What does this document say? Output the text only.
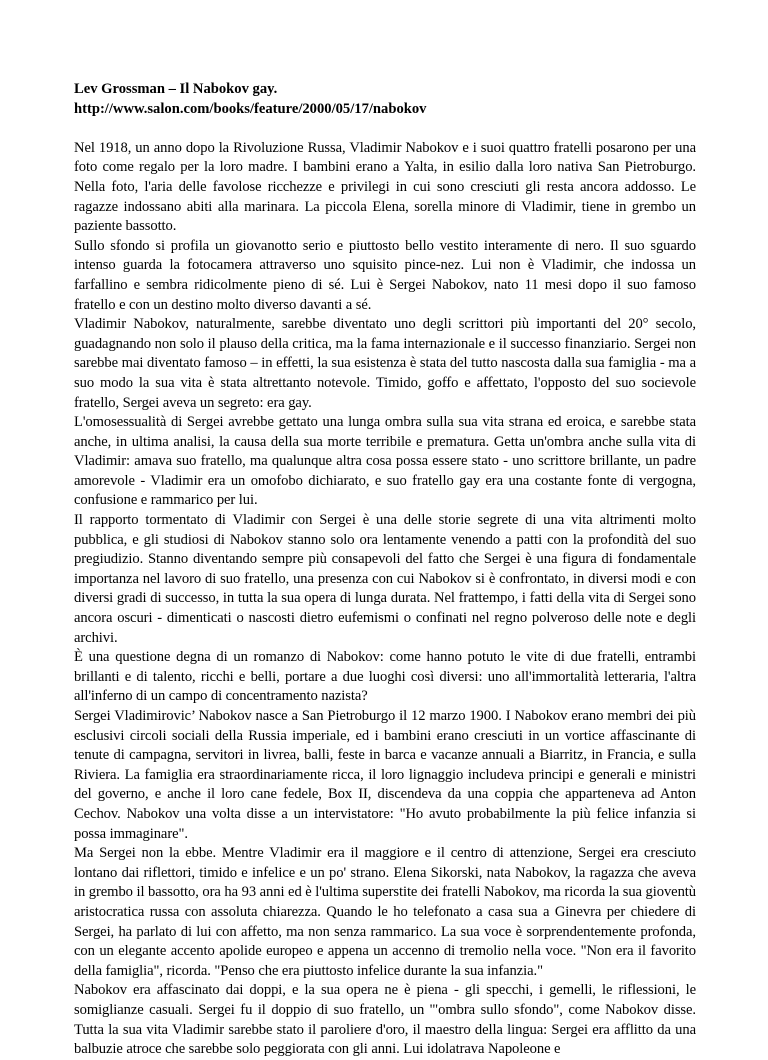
Lev Grossman – Il Nabokov gay.
http://www.salon.com/books/feature/2000/05/17/nabokov

Nel 1918, un anno dopo la Rivoluzione Russa, Vladimir Nabokov e i suoi quattro fratelli posarono per una foto come regalo per la loro madre. I bambini erano a Yalta, in esilio dalla loro nativa San Pietroburgo. Nella foto, l'aria delle favolose ricchezze e privilegi in cui sono cresciuti gli resta ancora addosso. Le ragazze indossano abiti alla marinara. La piccola Elena, sorella minore di Vladimir, tiene in grembo un paziente bassotto.

Sullo sfondo si profila un giovanotto serio e piuttosto bello vestito interamente di nero. Il suo sguardo intenso guarda la fotocamera attraverso uno squisito pince-nez. Lui non è Vladimir, che indossa un farfallino e sembra ridicolmente pieno di sé. Lui è Sergei Nabokov, nato 11 mesi dopo il suo famoso fratello e con un destino molto diverso davanti a sé.

Vladimir Nabokov, naturalmente, sarebbe diventato uno degli scrittori più importanti del 20° secolo, guadagnando non solo il plauso della critica, ma la fama internazionale e il successo finanziario. Sergei non sarebbe mai diventato famoso – in effetti, la sua esistenza è stata del tutto nascosta dalla sua famiglia - ma a suo modo la sua vita è stata altrettanto notevole. Timido, goffo e affettato, l'opposto del suo socievole fratello, Sergei aveva un segreto: era gay.

L'omosessualità di Sergei avrebbe gettato una lunga ombra sulla sua vita strana ed eroica, e sarebbe stata anche, in ultima analisi, la causa della sua morte terribile e prematura. Getta un'ombra anche sulla vita di Vladimir: amava suo fratello, ma qualunque altra cosa possa essere stato - uno scrittore brillante, un padre amorevole - Vladimir era un omofobo dichiarato, e suo fratello gay era una costante fonte di vergogna, confusione e rammarico per lui.

Il rapporto tormentato di Vladimir con Sergei è una delle storie segrete di una vita altrimenti molto pubblica, e gli studiosi di Nabokov stanno solo ora lentamente venendo a patti con la profondità del suo pregiudizio. Stanno diventando sempre più consapevoli del fatto che Sergei è una figura di fondamentale importanza nel lavoro di suo fratello, una presenza con cui Nabokov si è confrontato, in diversi modi e con diversi gradi di successo, in tutta la sua opera di lunga durata. Nel frattempo, i fatti della vita di Sergei sono ancora oscuri - dimenticati o nascosti dietro eufemismi o confinati nel regno polveroso delle note e degli archivi.

È una questione degna di un romanzo di Nabokov: come hanno potuto le vite di due fratelli, entrambi brillanti e di talento, ricchi e belli, portare a due luoghi così diversi: uno all'immortalità letteraria, l'altra all'inferno di un campo di concentramento nazista?

Sergei Vladimirovic’ Nabokov nasce a San Pietroburgo il 12 marzo 1900. I Nabokov erano membri dei più esclusivi circoli sociali della Russia imperiale, ed i bambini erano cresciuti in un vortice affascinante di tenute di campagna, servitori in livrea, balli, feste in barca e vacanze annuali a Biarritz, in Francia, e sulla Riviera. La famiglia era straordinariamente ricca, il loro lignaggio includeva principi e generali e ministri del governo, e anche il loro cane fedele, Box II, discendeva da una coppia che apparteneva ad Anton Cechov. Nabokov una volta disse a un intervistatore: "Ho avuto probabilmente la più felice infanzia si possa immaginare".

Ma Sergei non la ebbe. Mentre Vladimir era il maggiore e il centro di attenzione, Sergei era cresciuto lontano dai riflettori, timido e infelice e un po' strano. Elena Sikorski, nata Nabokov, la ragazza che aveva in grembo il bassotto, ora ha 93 anni ed è l'ultima superstite dei fratelli Nabokov, ma ricorda la sua gioventù aristocratica russa con assoluta chiarezza. Quando le ho telefonato a casa sua a Ginevra per chiedere di Sergei, ha parlato di lui con affetto, ma non senza rammarico. La sua voce è sorprendentemente profonda, con un elegante accento apolide europeo e appena un accenno di tremolio nella voce. "Non era il favorito della famiglia", ricorda. "Penso che era piuttosto infelice durante la sua infanzia."

Nabokov era affascinato dai doppi, e la sua opera ne è piena - gli specchi, i gemelli, le riflessioni, le somiglianze casuali. Sergei fu il doppio di suo fratello, un '"ombra sullo sfondo", come Nabokov disse. Tutta la sua vita Vladimir sarebbe stato il paroliere d'oro, il maestro della lingua: Sergei era afflitto da una balbuzie atroce che sarebbe solo peggiorata con gli anni. Lui idolatrava Napoleone e
